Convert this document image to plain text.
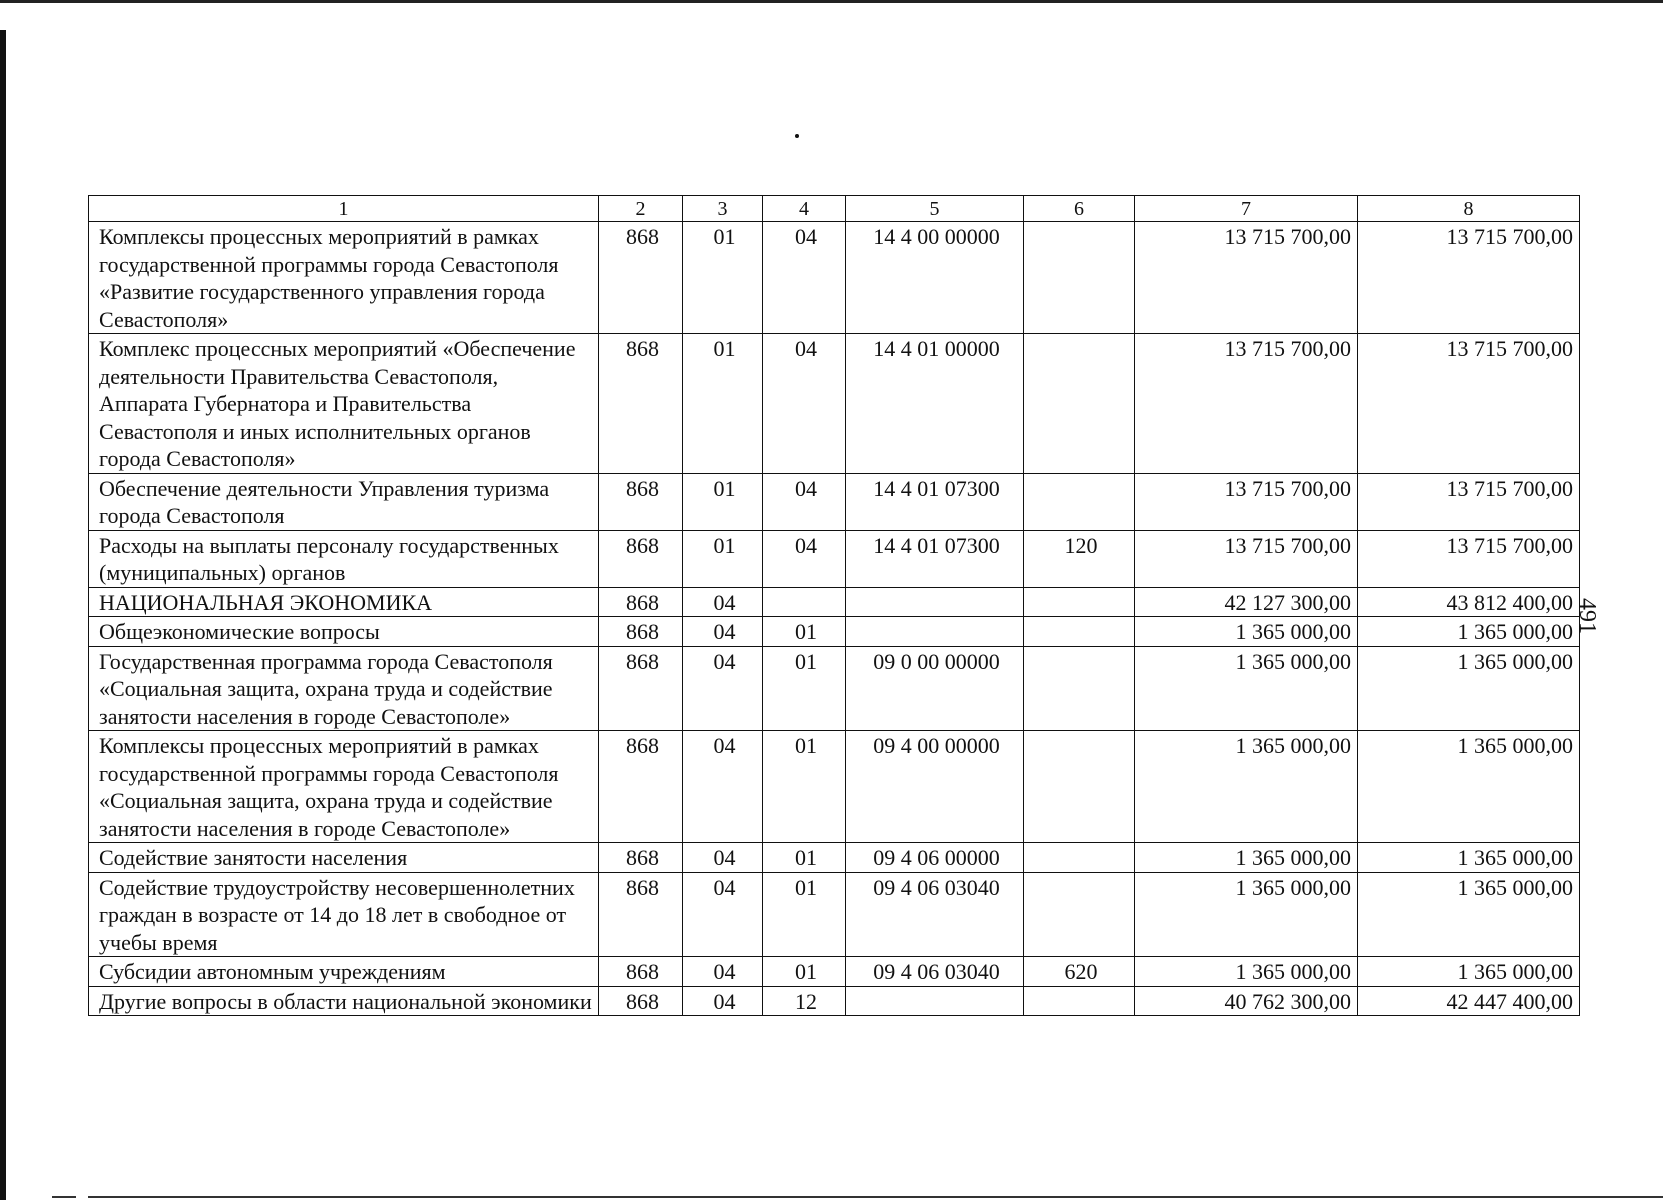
491
1	2	3	4	5	6	7	8
Комплексы процессных мероприятий в рамках государственной программы города Севастополя «Развитие государственного управления города Севастополя»	868	01	04	14 4 00 00000		13 715 700,00	13 715 700,00
Комплекс процессных мероприятий «Обеспечение деятельности Правительства Севастополя, Аппарата Губернатора и Правительства Севастополя и иных исполнительных органов города Севастополя»	868	01	04	14 4 01 00000		13 715 700,00	13 715 700,00
Обеспечение деятельности Управления туризма города Севастополя	868	01	04	14 4 01 07300		13 715 700,00	13 715 700,00
Расходы на выплаты персоналу государственных (муниципальных) органов	868	01	04	14 4 01 07300	120	13 715 700,00	13 715 700,00
НАЦИОНАЛЬНАЯ ЭКОНОМИКА	868	04				42 127 300,00	43 812 400,00
Общеэкономические вопросы	868	04	01			1 365 000,00	1 365 000,00
Государственная программа города Севастополя «Социальная защита, охрана труда и содействие занятости населения в городе Севастополе»	868	04	01	09 0 00 00000		1 365 000,00	1 365 000,00
Комплексы процессных мероприятий в рамках государственной программы города Севастополя «Социальная защита, охрана труда и содействие занятости населения в городе Севастополе»	868	04	01	09 4 00 00000		1 365 000,00	1 365 000,00
Содействие занятости населения	868	04	01	09 4 06 00000		1 365 000,00	1 365 000,00
Содействие трудоустройству несовершеннолетних граждан в возрасте от 14 до 18 лет в свободное от учебы время	868	04	01	09 4 06 03040		1 365 000,00	1 365 000,00
Субсидии автономным учреждениям	868	04	01	09 4 06 03040	620	1 365 000,00	1 365 000,00
Другие вопросы в области национальной экономики	868	04	12			40 762 300,00	42 447 400,00
